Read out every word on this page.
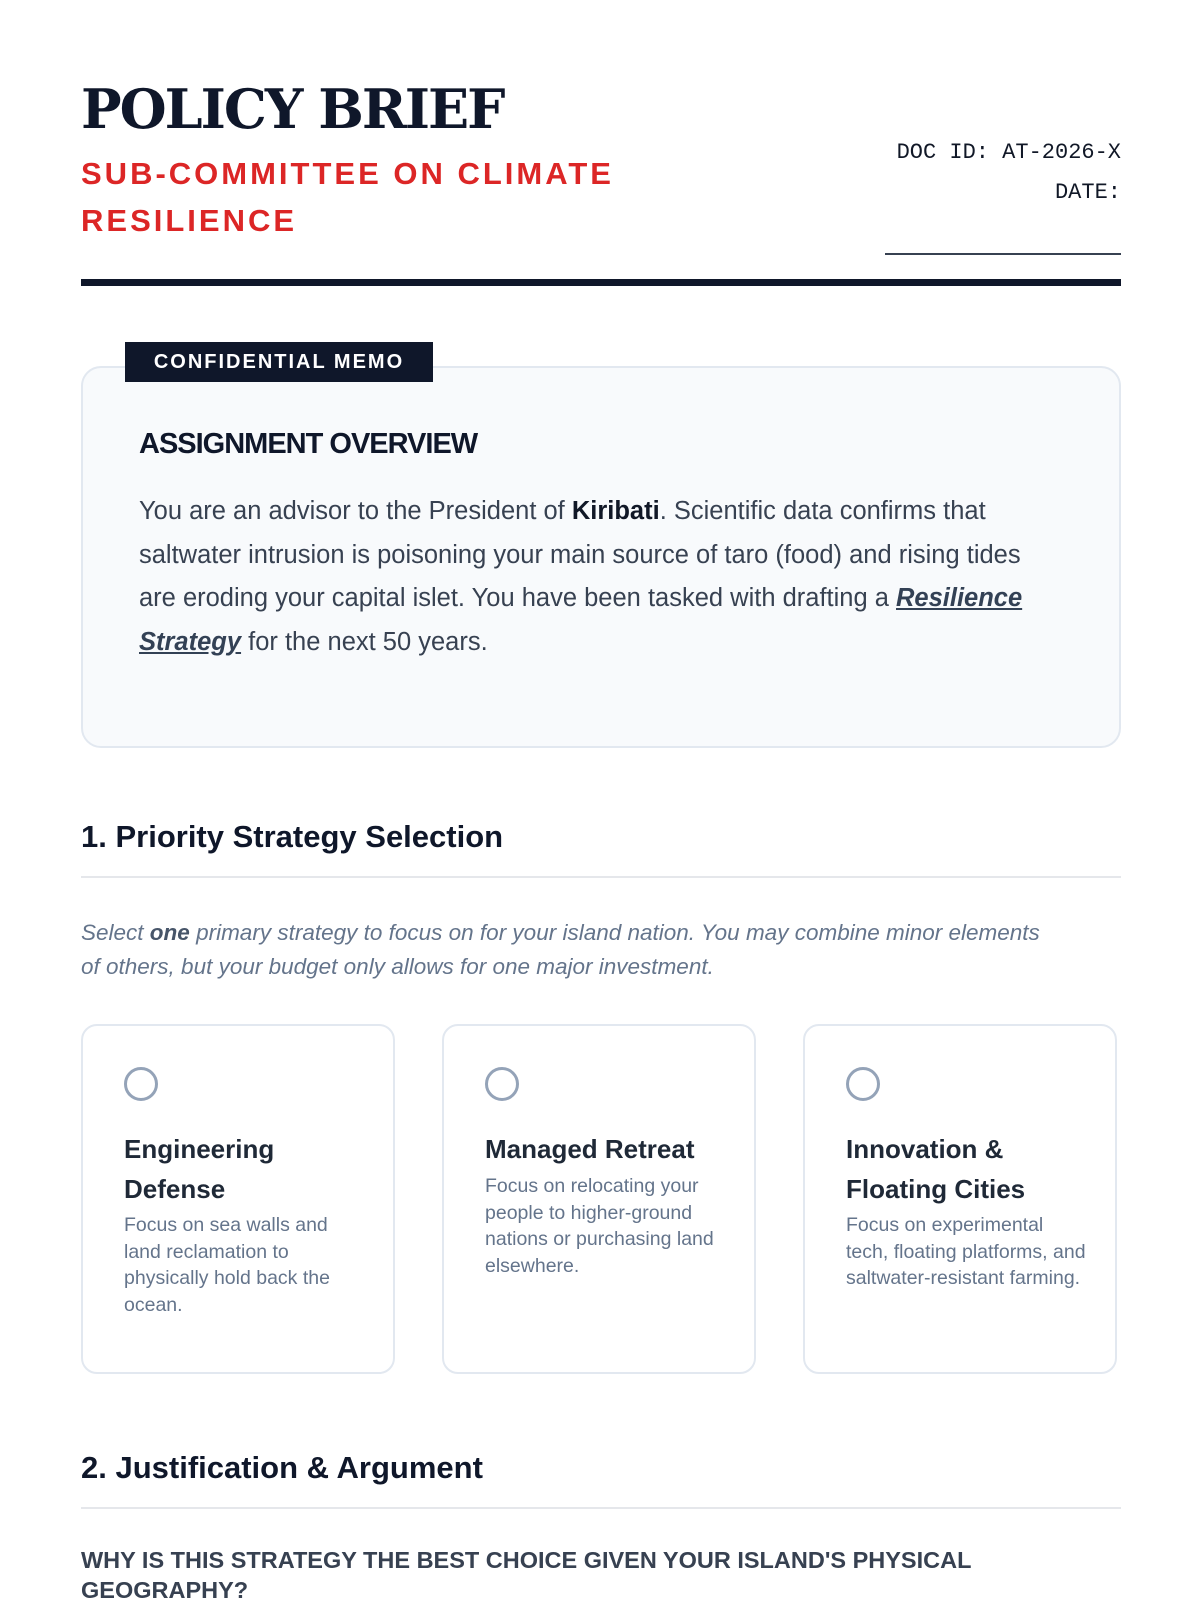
POLICY BRIEF
SUB-COMMITTEE ON CLIMATE RESILIENCE
DOC ID: AT-2026-X
DATE:
CONFIDENTIAL MEMO
ASSIGNMENT OVERVIEW

You are an advisor to the President of Kiribati. Scientific data confirms that saltwater intrusion is poisoning your main source of taro (food) and rising tides are eroding your capital islet. You have been tasked with drafting a Resilience Strategy for the next 50 years.

1. Priority Strategy Selection

Select one primary strategy to focus on for your island nation. You may combine minor elements of others, but your budget only allows for one major investment.

Engineering Defense

Focus on sea walls and land reclamation to physically hold back the ocean.

Managed Retreat

Focus on relocating your people to higher-ground nations or purchasing land elsewhere.

Innovation & Floating Cities

Focus on experimental tech, floating platforms, and saltwater-resistant farming.

2. Justification & Argument

WHY IS THIS STRATEGY THE BEST CHOICE GIVEN YOUR ISLAND'S PHYSICAL GEOGRAPHY?
